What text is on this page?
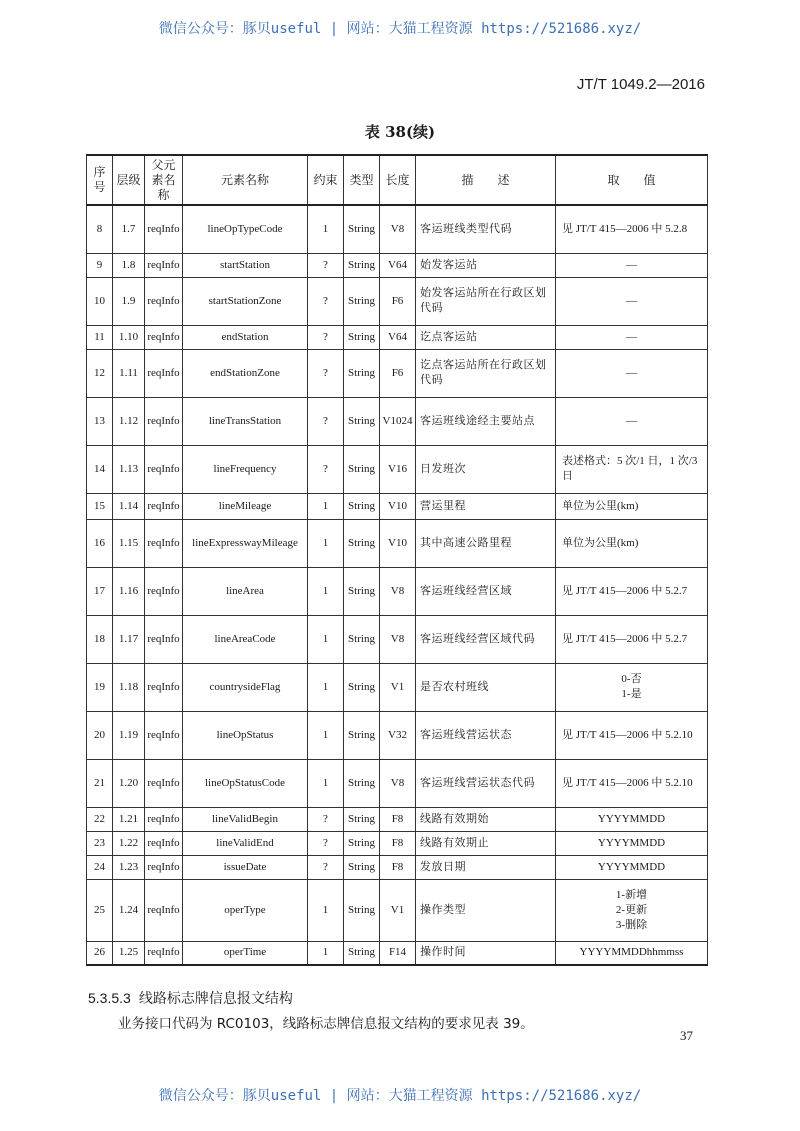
微信公众号：豚贝useful | 网站：大猫工程资源 https://521686.xyz/
JT/T 1049.2—2016
表 38(续)
序号	层级	父元素名称	元素名称	约束	类型	长度	描　　述	取　　值
8	1.7	reqInfo	lineOpTypeCode	1	String	V8	客运班线类型代码	见 JT/T 415—2006 中 5.2.8
9	1.8	reqInfo	startStation	?	String	V64	始发客运站	—
10	1.9	reqInfo	startStationZone	?	String	F6	始发客运站所在行政区划代码	—
11	1.10	reqInfo	endStation	?	String	V64	讫点客运站	—
12	1.11	reqInfo	endStationZone	?	String	F6	讫点客运站所在行政区划代码	—
13	1.12	reqInfo	lineTransStation	?	String	V1024	客运班线途经主要站点	—
14	1.13	reqInfo	lineFrequency	?	String	V16	日发班次	表述格式：5 次/1 日，1 次/3 日
15	1.14	reqInfo	lineMileage	1	String	V10	营运里程	单位为公里(km)
16	1.15	reqInfo	lineExpresswayMileage	1	String	V10	其中高速公路里程	单位为公里(km)
17	1.16	reqInfo	lineArea	1	String	V8	客运班线经营区域	见 JT/T 415—2006 中 5.2.7
18	1.17	reqInfo	lineAreaCode	1	String	V8	客运班线经营区域代码	见 JT/T 415—2006 中 5.2.7
19	1.18	reqInfo	countrysideFlag	1	String	V1	是否农村班线	0-否
1-是
20	1.19	reqInfo	lineOpStatus	1	String	V32	客运班线营运状态	见 JT/T 415—2006 中 5.2.10
21	1.20	reqInfo	lineOpStatusCode	1	String	V8	客运班线营运状态代码	见 JT/T 415—2006 中 5.2.10
22	1.21	reqInfo	lineValidBegin	?	String	F8	线路有效期始	YYYYMMDD
23	1.22	reqInfo	lineValidEnd	?	String	F8	线路有效期止	YYYYMMDD
24	1.23	reqInfo	issueDate	?	String	F8	发放日期	YYYYMMDD
25	1.24	reqInfo	operType	1	String	V1	操作类型	1-新增
2-更新
3-删除
26	1.25	reqInfo	operTime	1	String	F14	操作时间	YYYYMMDDhhmmss
5.3.5.3 线路标志牌信息报文结构
业务接口代码为 RC0103，线路标志牌信息报文结构的要求见表 39。
37
微信公众号：豚贝useful | 网站：大猫工程资源 https://521686.xyz/
